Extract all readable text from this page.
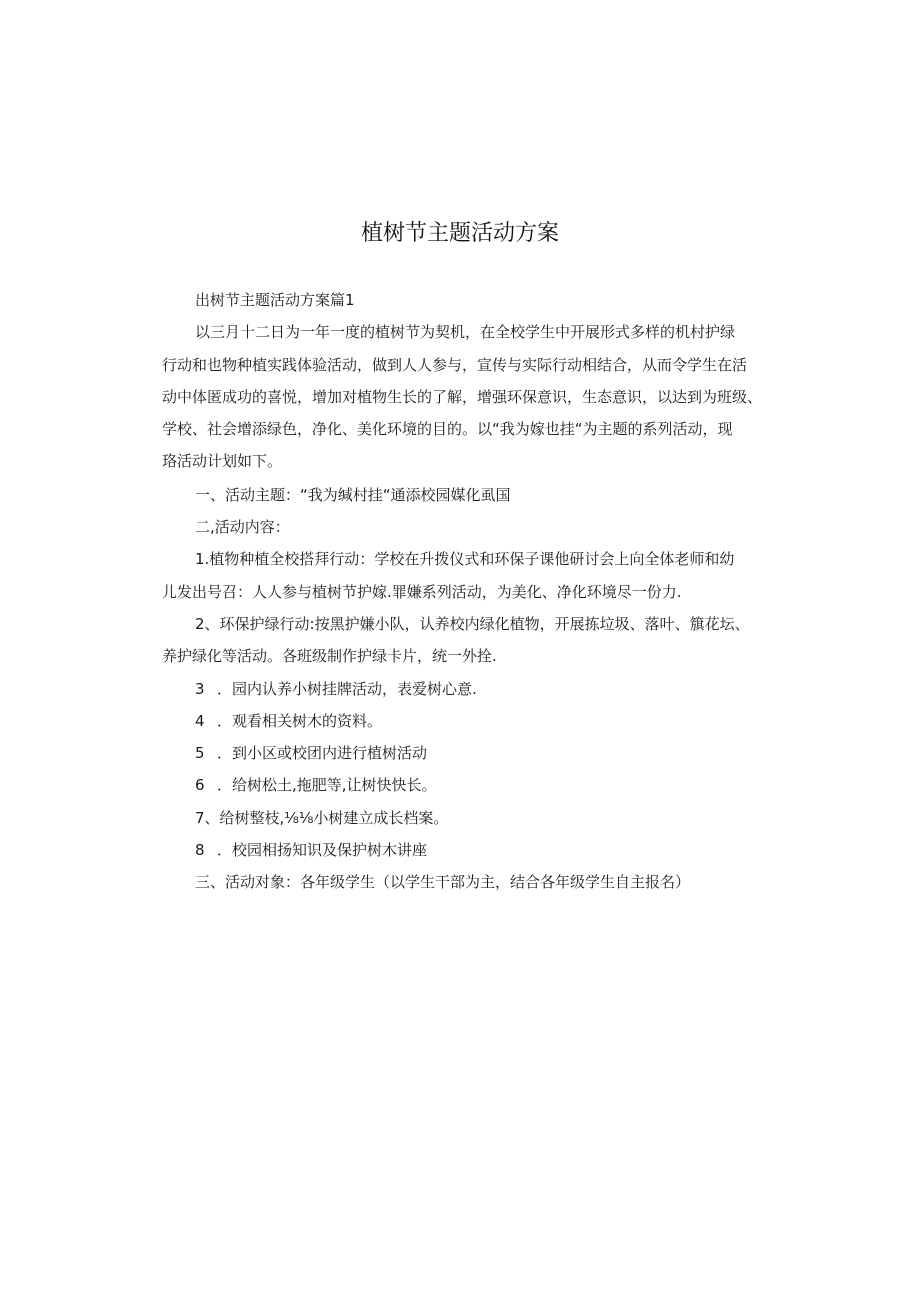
植树节主题活动方案

出树节主题活动方案篇1

以三月十二日为一年一度的植树节为契机，在全校学生中开展形式多样的机村护绿

行动和也物种植实践体验活动，做到人人参与，宣传与实际行动相结合，从而令学生在活

动中体匿成功的喜悦，增加对植物生长的了解，增强环保意识，生态意识，以达到为班级、

学校、社会增添绿色，净化、美化环境的目的。以“我为嫁也挂“为主题的系列活动，现

珞活动计划如下。

一、活动主题：“我为缄村挂“通添校园媒化虱国

二,活动内容：

1.植物种植全校搭拜行动：学校在升拨仪式和环保子课他研讨会上向全体老师和幼

儿发出号召：人人参与植树节护嫁.罪嫌系列活动，为美化、净化环境尽一份力.

2、环保护绿行动:按黑护嫌小队，认养校内绿化植物，开展拣垃圾、落叶、簱花坛、

养护绿化等活动。各班级制作护绿卡片，统一外拴.

3 ．园内认养小树挂牌活动，表爱树心意.

4 ．观看相关树木的资料。

5 ．到小区或校团内进行植树活动

6 ．给树松土,拖肥等,让树快快长。

7、给树整枝,⅛⅛小树建立成长档案。

8 ．校园相扬知识及保护树木讲座

三、活动对象：各年级学生（以学生干部为主，结合各年级学生自主报名）
